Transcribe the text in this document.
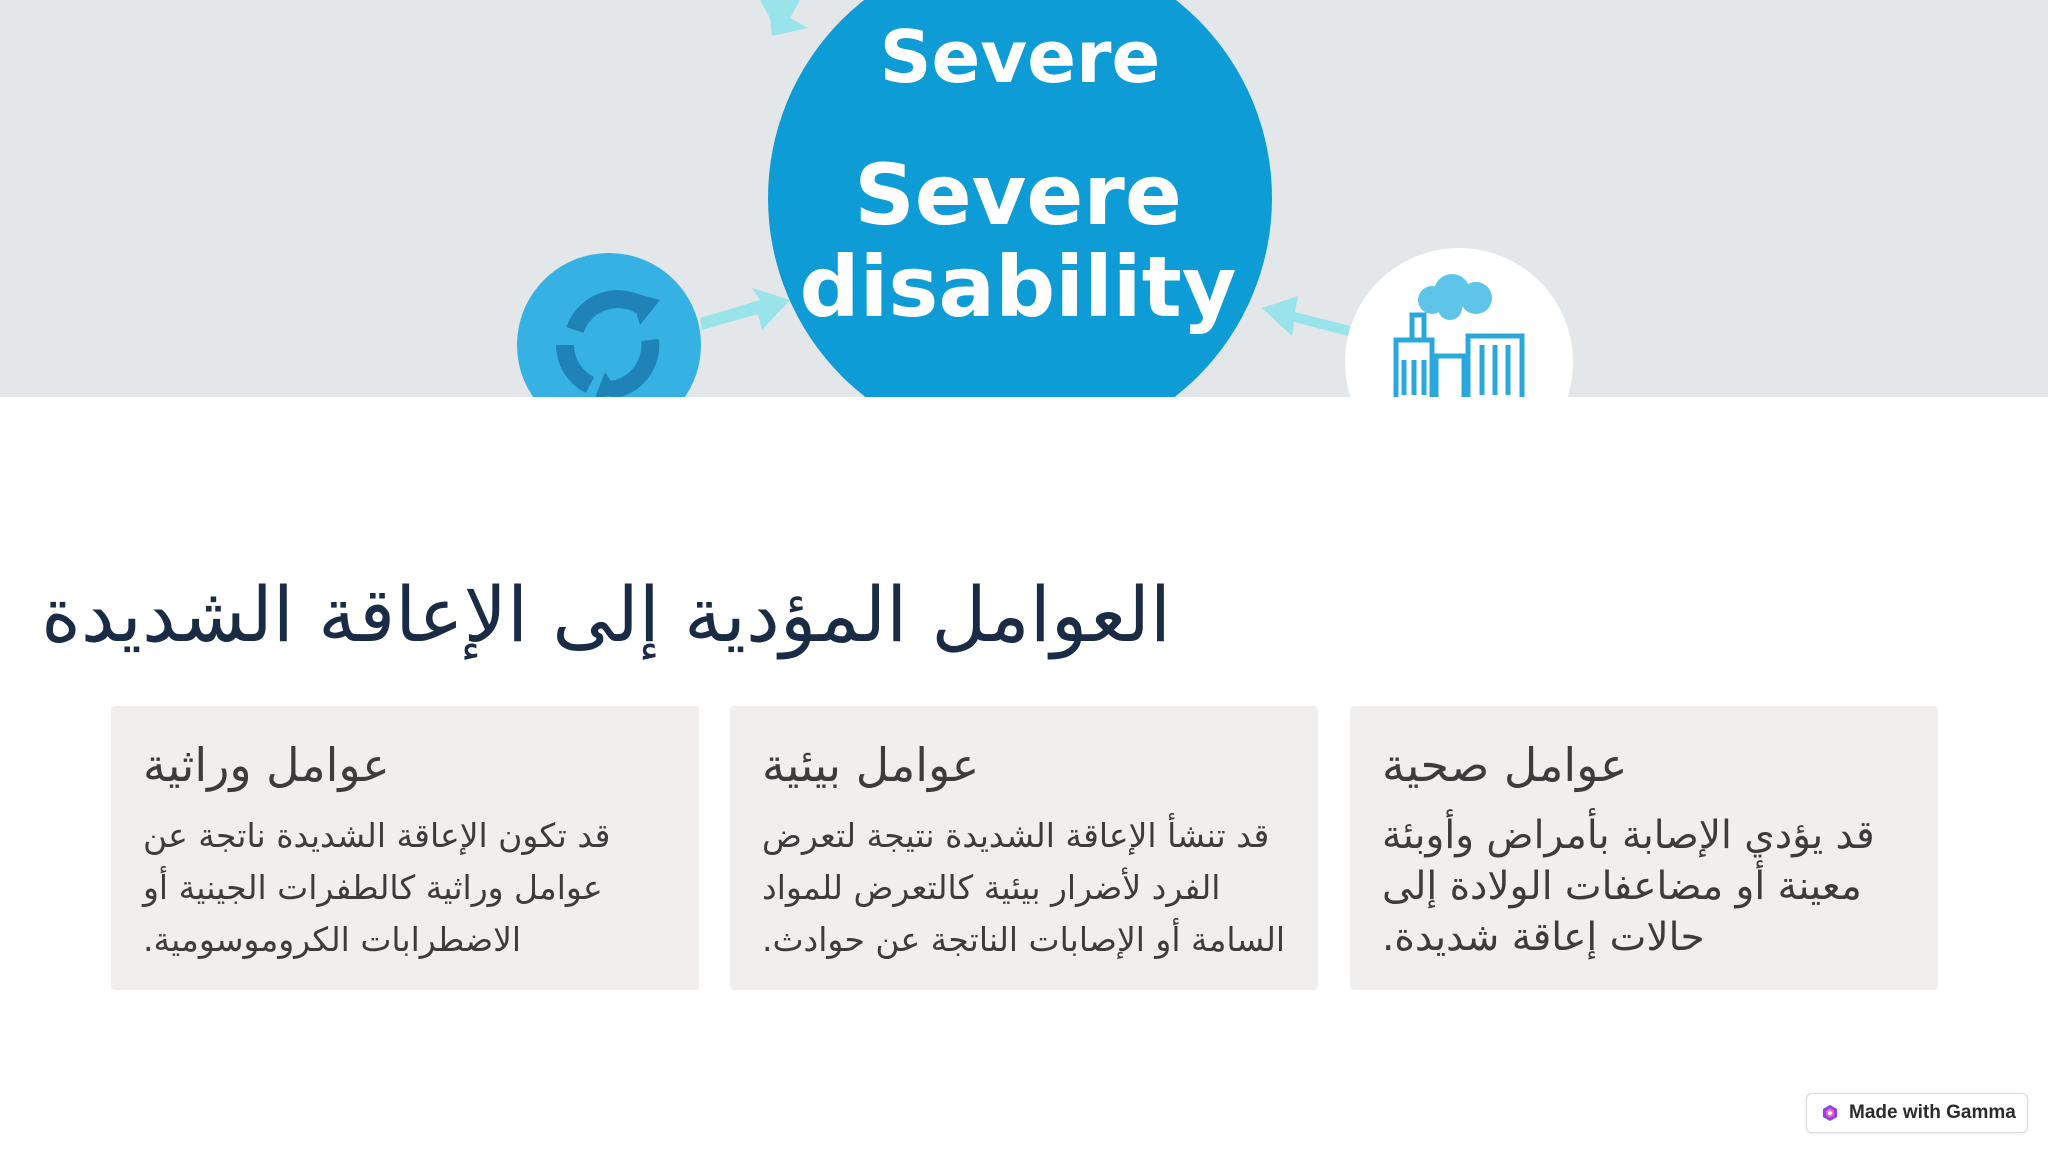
Severe
Severe
disability
العوامل المؤدية إلى الإعاقة الشديدة
عوامل صحية

قد يؤدي الإصابة بأمراض وأوبئة معينة أو مضاعفات الولادة إلى حالات إعاقة شديدة.

عوامل بيئية

قد تنشأ الإعاقة الشديدة نتيجة لتعرض الفرد لأضرار بيئية كالتعرض للمواد السامة أو الإصابات الناتجة عن حوادث.

عوامل وراثية

قد تكون الإعاقة الشديدة ناتجة عن عوامل وراثية كالطفرات الجينية أو الاضطرابات الكروموسومية.

Made with Gamma
